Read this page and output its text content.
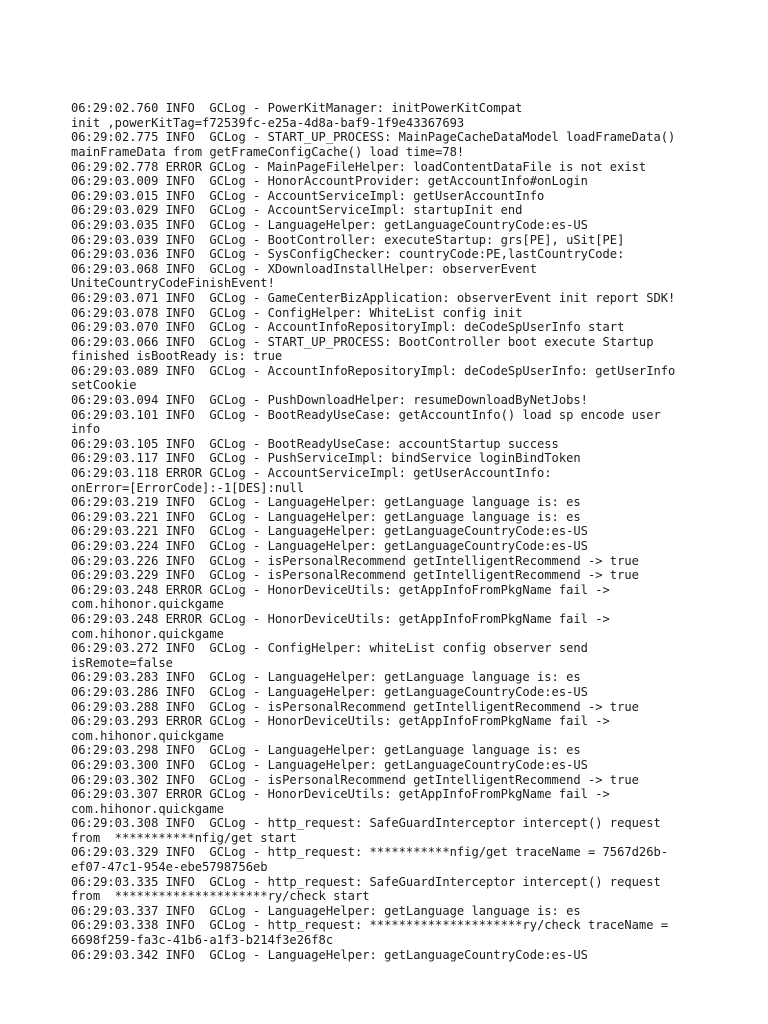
06:29:02.760 INFO  GCLog - PowerKitManager: initPowerKitCompat
init ,powerKitTag=f72539fc-e25a-4d8a-baf9-1f9e43367693
06:29:02.775 INFO  GCLog - START_UP_PROCESS: MainPageCacheDataModel loadFrameData()
mainFrameData from getFrameConfigCache() load time=78!
06:29:02.778 ERROR GCLog - MainPageFileHelper: loadContentDataFile is not exist
06:29:03.009 INFO  GCLog - HonorAccountProvider: getAccountInfo#onLogin
06:29:03.015 INFO  GCLog - AccountServiceImpl: getUserAccountInfo
06:29:03.029 INFO  GCLog - AccountServiceImpl: startupInit end
06:29:03.035 INFO  GCLog - LanguageHelper: getLanguageCountryCode:es-US
06:29:03.039 INFO  GCLog - BootController: executeStartup: grs[PE], uSit[PE]
06:29:03.036 INFO  GCLog - SysConfigChecker: countryCode:PE,lastCountryCode:
06:29:03.068 INFO  GCLog - XDownloadInstallHelper: observerEvent
UniteCountryCodeFinishEvent!
06:29:03.071 INFO  GCLog - GameCenterBizApplication: observerEvent init report SDK!
06:29:03.078 INFO  GCLog - ConfigHelper: WhiteList config init
06:29:03.070 INFO  GCLog - AccountInfoRepositoryImpl: deCodeSpUserInfo start
06:29:03.066 INFO  GCLog - START_UP_PROCESS: BootController boot execute Startup
finished isBootReady is: true
06:29:03.089 INFO  GCLog - AccountInfoRepositoryImpl: deCodeSpUserInfo: getUserInfo
setCookie
06:29:03.094 INFO  GCLog - PushDownloadHelper: resumeDownloadByNetJobs!
06:29:03.101 INFO  GCLog - BootReadyUseCase: getAccountInfo() load sp encode user
info
06:29:03.105 INFO  GCLog - BootReadyUseCase: accountStartup success
06:29:03.117 INFO  GCLog - PushServiceImpl: bindService loginBindToken
06:29:03.118 ERROR GCLog - AccountServiceImpl: getUserAccountInfo:
onError=[ErrorCode]:-1[DES]:null
06:29:03.219 INFO  GCLog - LanguageHelper: getLanguage language is: es
06:29:03.221 INFO  GCLog - LanguageHelper: getLanguage language is: es
06:29:03.221 INFO  GCLog - LanguageHelper: getLanguageCountryCode:es-US
06:29:03.224 INFO  GCLog - LanguageHelper: getLanguageCountryCode:es-US
06:29:03.226 INFO  GCLog - isPersonalRecommend getIntelligentRecommend -> true
06:29:03.229 INFO  GCLog - isPersonalRecommend getIntelligentRecommend -> true
06:29:03.248 ERROR GCLog - HonorDeviceUtils: getAppInfoFromPkgName fail ->
com.hihonor.quickgame
06:29:03.248 ERROR GCLog - HonorDeviceUtils: getAppInfoFromPkgName fail ->
com.hihonor.quickgame
06:29:03.272 INFO  GCLog - ConfigHelper: whiteList config observer send
isRemote=false
06:29:03.283 INFO  GCLog - LanguageHelper: getLanguage language is: es
06:29:03.286 INFO  GCLog - LanguageHelper: getLanguageCountryCode:es-US
06:29:03.288 INFO  GCLog - isPersonalRecommend getIntelligentRecommend -> true
06:29:03.293 ERROR GCLog - HonorDeviceUtils: getAppInfoFromPkgName fail ->
com.hihonor.quickgame
06:29:03.298 INFO  GCLog - LanguageHelper: getLanguage language is: es
06:29:03.300 INFO  GCLog - LanguageHelper: getLanguageCountryCode:es-US
06:29:03.302 INFO  GCLog - isPersonalRecommend getIntelligentRecommend -> true
06:29:03.307 ERROR GCLog - HonorDeviceUtils: getAppInfoFromPkgName fail ->
com.hihonor.quickgame
06:29:03.308 INFO  GCLog - http_request: SafeGuardInterceptor intercept() request
from  ***********nfig/get start
06:29:03.329 INFO  GCLog - http_request: ***********nfig/get traceName = 7567d26b-
ef07-47c1-954e-ebe5798756eb
06:29:03.335 INFO  GCLog - http_request: SafeGuardInterceptor intercept() request
from  *********************ry/check start
06:29:03.337 INFO  GCLog - LanguageHelper: getLanguage language is: es
06:29:03.338 INFO  GCLog - http_request: *********************ry/check traceName =
6698f259-fa3c-41b6-a1f3-b214f3e26f8c
06:29:03.342 INFO  GCLog - LanguageHelper: getLanguageCountryCode:es-US
